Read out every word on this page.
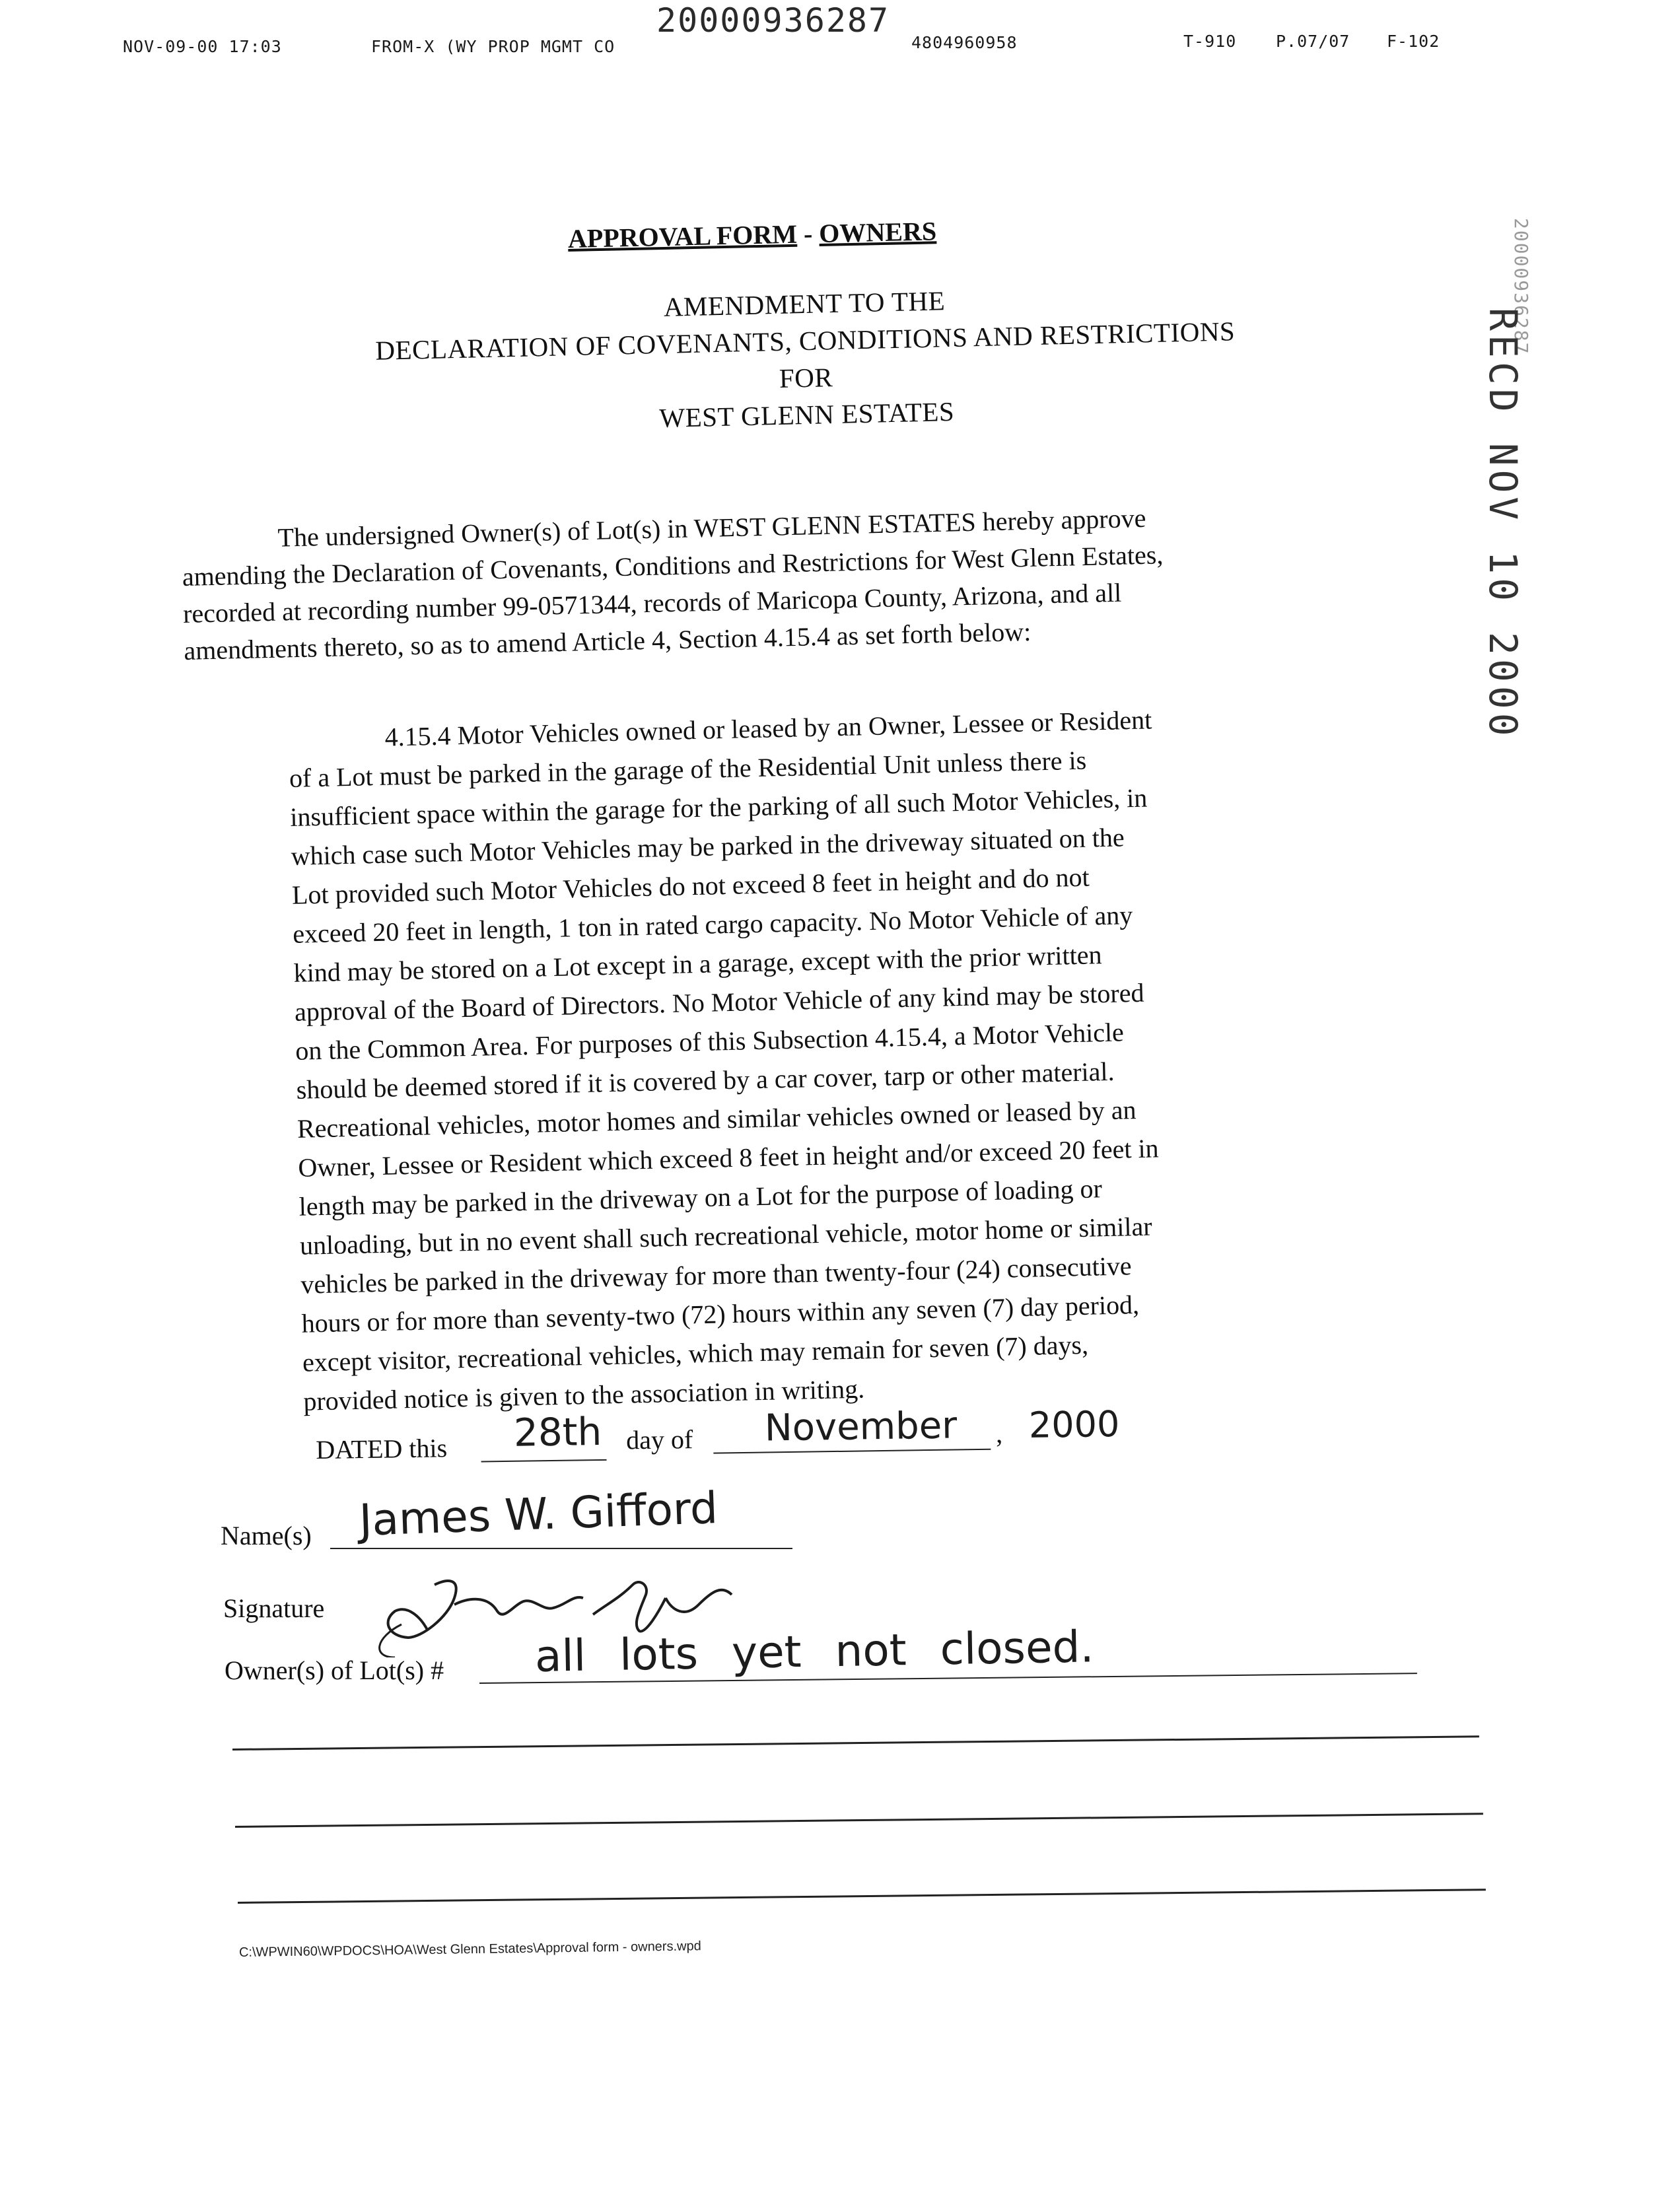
NOV-09-00 17:03	FROM-X (WY PROP MGMT CO	4804960958	T-910 P.07/07 F-102
20000936287
20000936287
RECD NOV 10 2000
APPROVAL FORM - OWNERS
AMENDMENT TO THE
DECLARATION OF COVENANTS, CONDITIONS AND RESTRICTIONS
FOR
WEST GLENN ESTATES
The undersigned Owner(s) of Lot(s) in WEST GLENN ESTATES hereby approve
amending the Declaration of Covenants, Conditions and Restrictions for West Glenn Estates,
recorded at recording number 99-0571344, records of Maricopa County, Arizona, and all
amendments thereto, so as to amend Article 4, Section 4.15.4 as set forth below:
4.15.4 Motor Vehicles owned or leased by an Owner, Lessee or Resident
of a Lot must be parked in the garage of the Residential Unit unless there is
insufficient space within the garage for the parking of all such Motor Vehicles, in
which case such Motor Vehicles may be parked in the driveway situated on the
Lot provided such Motor Vehicles do not exceed 8 feet in height and do not
exceed 20 feet in length, 1 ton in rated cargo capacity. No Motor Vehicle of any
kind may be stored on a Lot except in a garage, except with the prior written
approval of the Board of Directors. No Motor Vehicle of any kind may be stored
on the Common Area. For purposes of this Subsection 4.15.4, a Motor Vehicle
should be deemed stored if it is covered by a car cover, tarp or other material.
Recreational vehicles, motor homes and similar vehicles owned or leased by an
Owner, Lessee or Resident which exceed 8 feet in height and/or exceed 20 feet in
length may be parked in the driveway on a Lot for the purpose of loading or
unloading, but in no event shall such recreational vehicle, motor home or similar
vehicles be parked in the driveway for more than twenty-four (24) consecutive
hours or for more than seventy-two (72) hours within any seven (7) day period,
except visitor, recreational vehicles, which may remain for seven (7) days,
provided notice is given to the association in writing.
DATED this 28th day of November , 2000
Name(s) James W. Gifford
Signature
Owner(s) of Lot(s) # all lots yet not closed.
C:\WPWIN60\WPDOCS\HOA\West Glenn Estates\Approval form - owners.wpd
